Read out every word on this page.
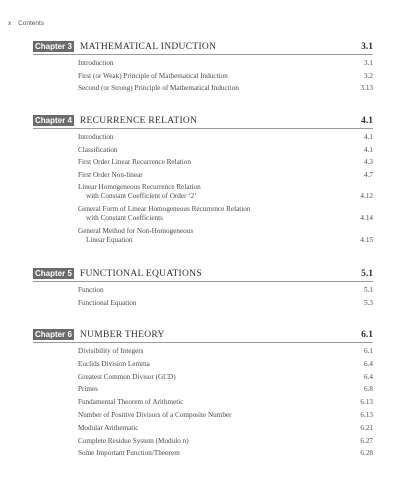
x Contents
Chapter 3 MATHEMATICAL INDUCTION	3.1
Introduction	3.1
First (or Weak) Principle of Mathematical Induction	3.2
Second (or Strong) Principle of Mathematical Induction	3.13
Chapter 4 RECURRENCE RELATION	4.1
Introduction	4.1
Classification	4.1
First Order Linear Recurrence Relation	4.3
First Order Non-linear	4.7
Linear Homogeneous Recurrence Relation
with Constant Coefficient of Order ‘2’	4.12
General Form of Linear Homogeneous Recurrence Relation
with Constant Coefficients	4.14
General Method for Non-Homogeneous
Linear Equation	4.15
Chapter 5 FUNCTIONAL EQUATIONS	5.1
Function	5.1
Functional Equation	5.3
Chapter 6 NUMBER THEORY	6.1
Divisibility of Integers	6.1
Euclids Division Lemma	6.4
Greatest Common Divisor (GCD)	6.4
Primes	6.8
Fundamental Theorem of Arithmetic	6.13
Number of Positive Divisors of a Composite Number	6.13
Modular Arithematic	6.21
Complete Residue System (Modulo n)	6.27
Some Important Function/Theorem	6.28
